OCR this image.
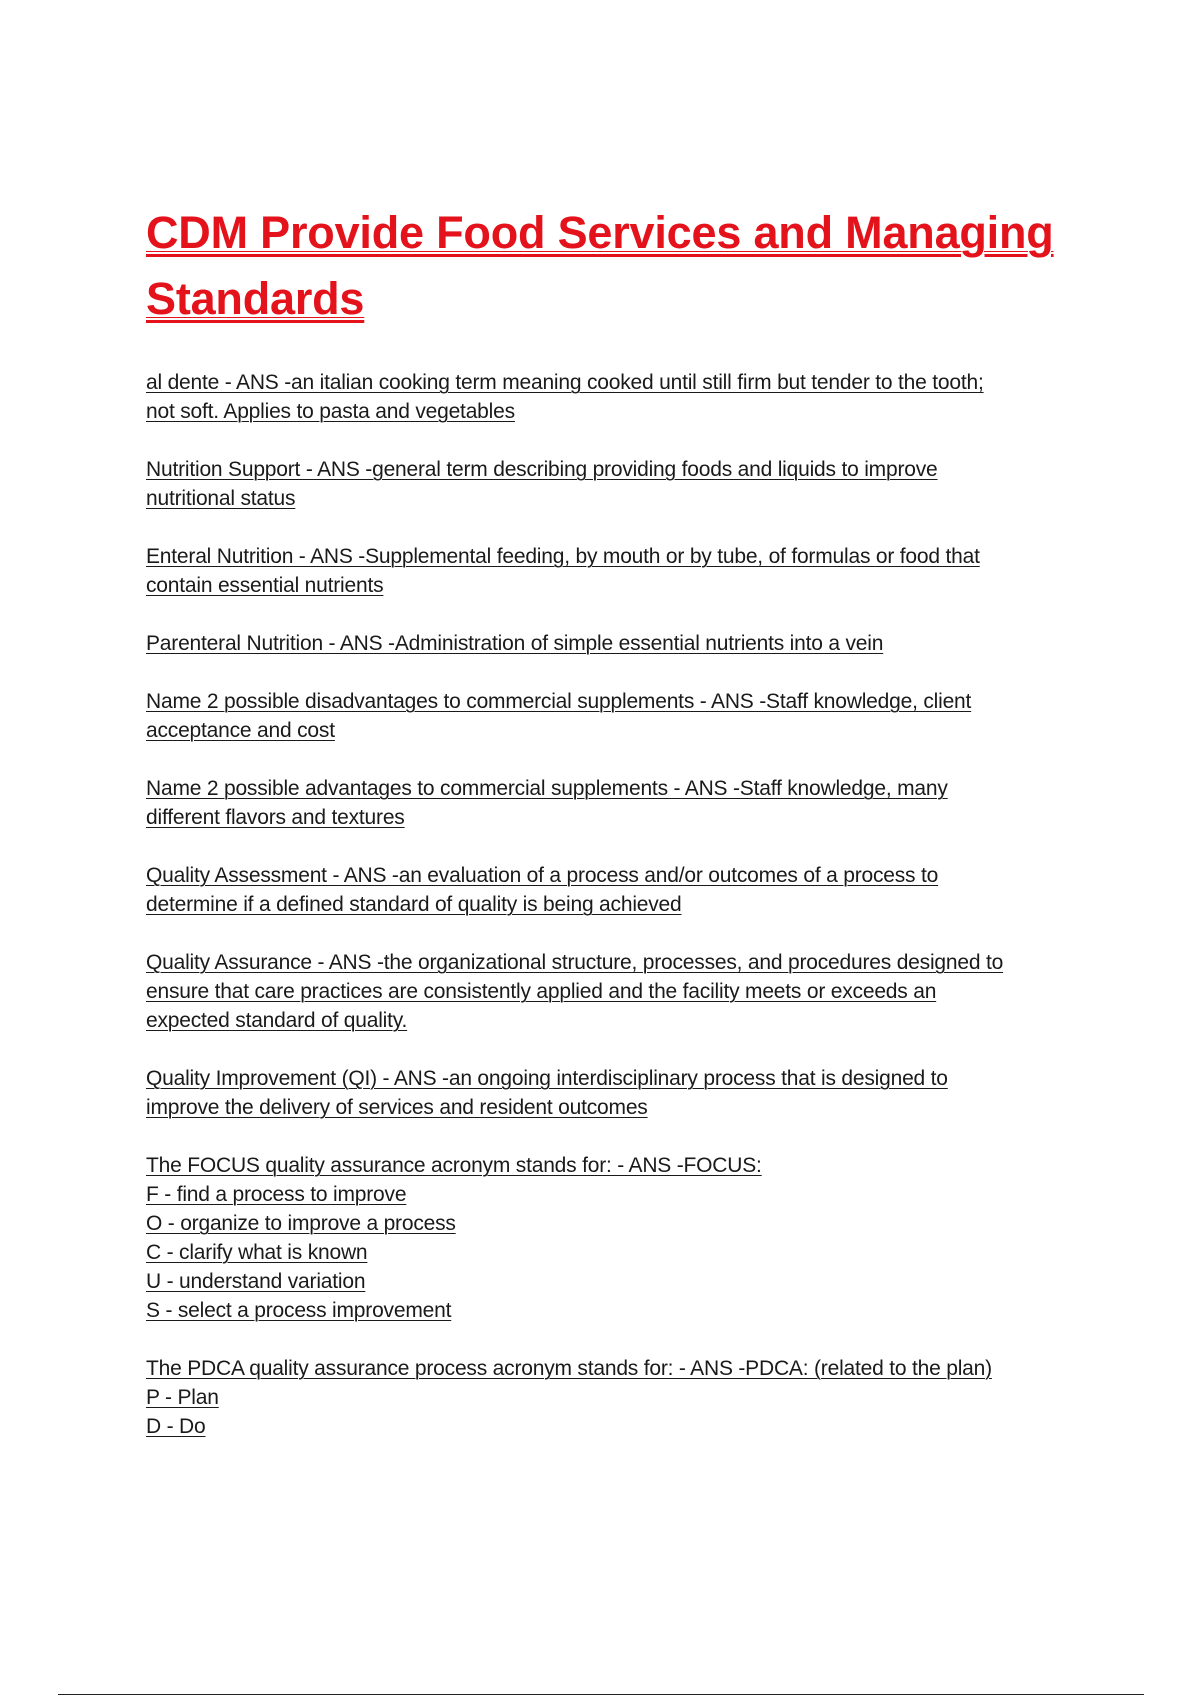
CDM Provide Food Services and Managing
Standards

al dente - ANS -an italian cooking term meaning cooked until still firm but tender to the tooth;
not soft. Applies to pasta and vegetables

Nutrition Support - ANS -general term describing providing foods and liquids to improve
nutritional status

Enteral Nutrition - ANS -Supplemental feeding, by mouth or by tube, of formulas or food that
contain essential nutrients

Parenteral Nutrition - ANS -Administration of simple essential nutrients into a vein

Name 2 possible disadvantages to commercial supplements - ANS -Staff knowledge, client
acceptance and cost

Name 2 possible advantages to commercial supplements - ANS -Staff knowledge, many
different flavors and textures

Quality Assessment - ANS -an evaluation of a process and/or outcomes of a process to
determine if a defined standard of quality is being achieved

Quality Assurance - ANS -the organizational structure, processes, and procedures designed to
ensure that care practices are consistently applied and the facility meets or exceeds an
expected standard of quality.

Quality Improvement (QI) - ANS -an ongoing interdisciplinary process that is designed to
improve the delivery of services and resident outcomes

The FOCUS quality assurance acronym stands for: - ANS -FOCUS:
F - find a process to improve
O - organize to improve a process
C - clarify what is known
U - understand variation
S - select a process improvement

The PDCA quality assurance process acronym stands for: - ANS -PDCA: (related to the plan)
P - Plan
D - Do
